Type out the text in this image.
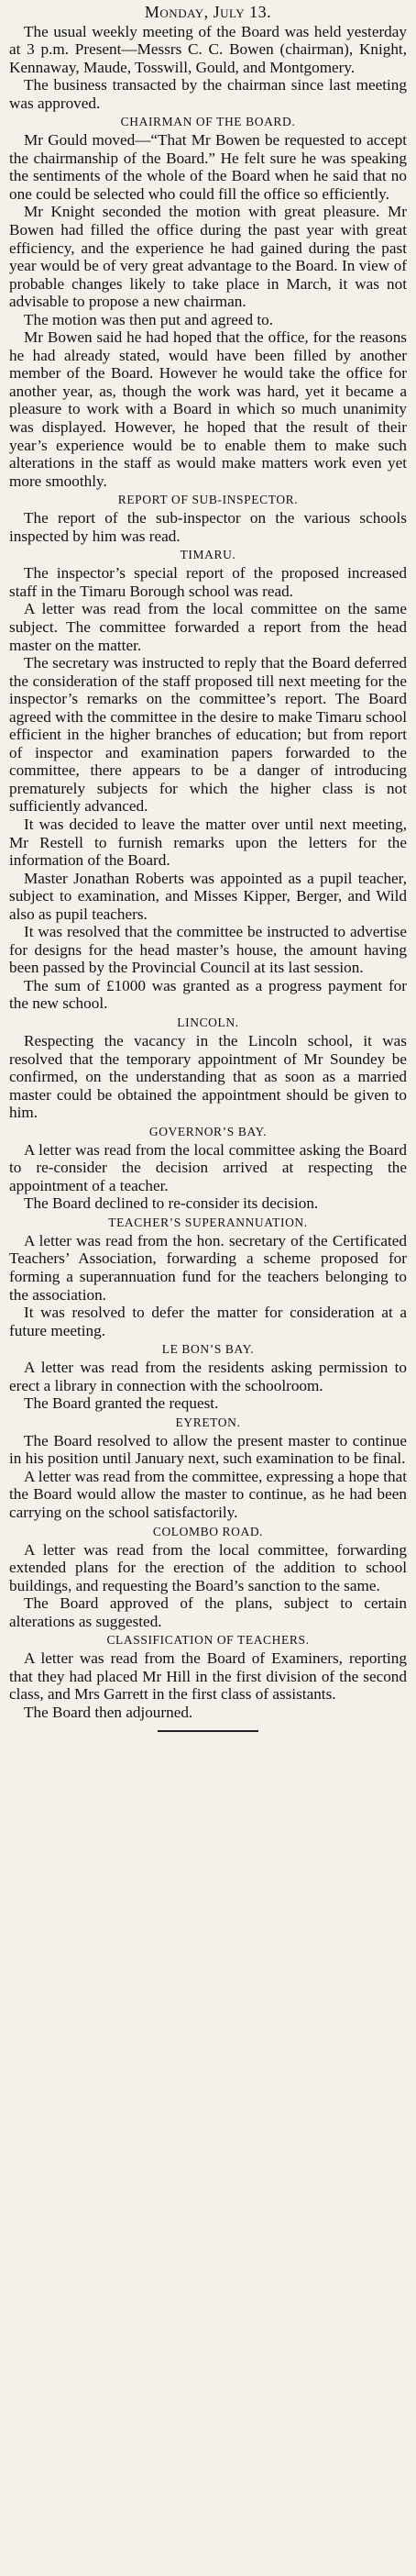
Monday, July 13.

The usual weekly meeting of the Board was held yesterday at 3 p.m. Present—Messrs C. C. Bowen (chairman), Knight, Kennaway, Maude, Tosswill, Gould, and Montgomery.

The business transacted by the chairman since last meeting was approved.

CHAIRMAN OF THE BOARD.

Mr Gould moved—“That Mr Bowen be requested to accept the chairmanship of the Board.” He felt sure he was speaking the sentiments of the whole of the Board when he said that no one could be selected who could fill the office so efficiently.

Mr Knight seconded the motion with great pleasure. Mr Bowen had filled the office during the past year with great efficiency, and the experience he had gained during the past year would be of very great advantage to the Board. In view of probable changes likely to take place in March, it was not advisable to propose a new chairman.

The motion was then put and agreed to.

Mr Bowen said he had hoped that the office, for the reasons he had already stated, would have been filled by another member of the Board. However he would take the office for another year, as, though the work was hard, yet it became a pleasure to work with a Board in which so much unanimity was displayed. However, he hoped that the result of their year’s experience would be to enable them to make such alterations in the staff as would make matters work even yet more smoothly.

REPORT OF SUB-INSPECTOR.

The report of the sub-inspector on the various schools inspected by him was read.

TIMARU.

The inspector’s special report of the proposed increased staff in the Timaru Borough school was read.

A letter was read from the local committee on the same subject. The committee forwarded a report from the head master on the matter.

The secretary was instructed to reply that the Board deferred the consideration of the staff proposed till next meeting for the inspector’s remarks on the committee’s report. The Board agreed with the committee in the desire to make Timaru school efficient in the higher branches of education; but from report of inspector and examination papers forwarded to the committee, there appears to be a danger of introducing prematurely subjects for which the higher class is not sufficiently advanced.

It was decided to leave the matter over until next meeting, Mr Restell to furnish remarks upon the letters for the information of the Board.

Master Jonathan Roberts was appointed as a pupil teacher, subject to examination, and Misses Kipper, Berger, and Wild also as pupil teachers.

It was resolved that the committee be instructed to advertise for designs for the head master’s house, the amount having been passed by the Provincial Council at its last session.

The sum of £1000 was granted as a progress payment for the new school.

LINCOLN.

Respecting the vacancy in the Lincoln school, it was resolved that the temporary appointment of Mr Soundey be confirmed, on the understanding that as soon as a married master could be obtained the appointment should be given to him.

GOVERNOR’S BAY.

A letter was read from the local committee asking the Board to re-consider the decision arrived at respecting the appointment of a teacher.

The Board declined to re-consider its decision.

TEACHER’S SUPERANNUATION.

A letter was read from the hon. secretary of the Certificated Teachers’ Association, forwarding a scheme proposed for forming a superannuation fund for the teachers belonging to the association.

It was resolved to defer the matter for consideration at a future meeting.

LE BON’S BAY.

A letter was read from the residents asking permission to erect a library in connection with the schoolroom.

The Board granted the request.

EYRETON.

The Board resolved to allow the present master to continue in his position until January next, such examination to be final.

A letter was read from the committee, expressing a hope that the Board would allow the master to continue, as he had been carrying on the school satisfactorily.

COLOMBO ROAD.

A letter was read from the local committee, forwarding extended plans for the erection of the addition to school buildings, and requesting the Board’s sanction to the same.

The Board approved of the plans, subject to certain alterations as suggested.

CLASSIFICATION OF TEACHERS.

A letter was read from the Board of Examiners, reporting that they had placed Mr Hill in the first division of the second class, and Mrs Garrett in the first class of assistants.

The Board then adjourned.
